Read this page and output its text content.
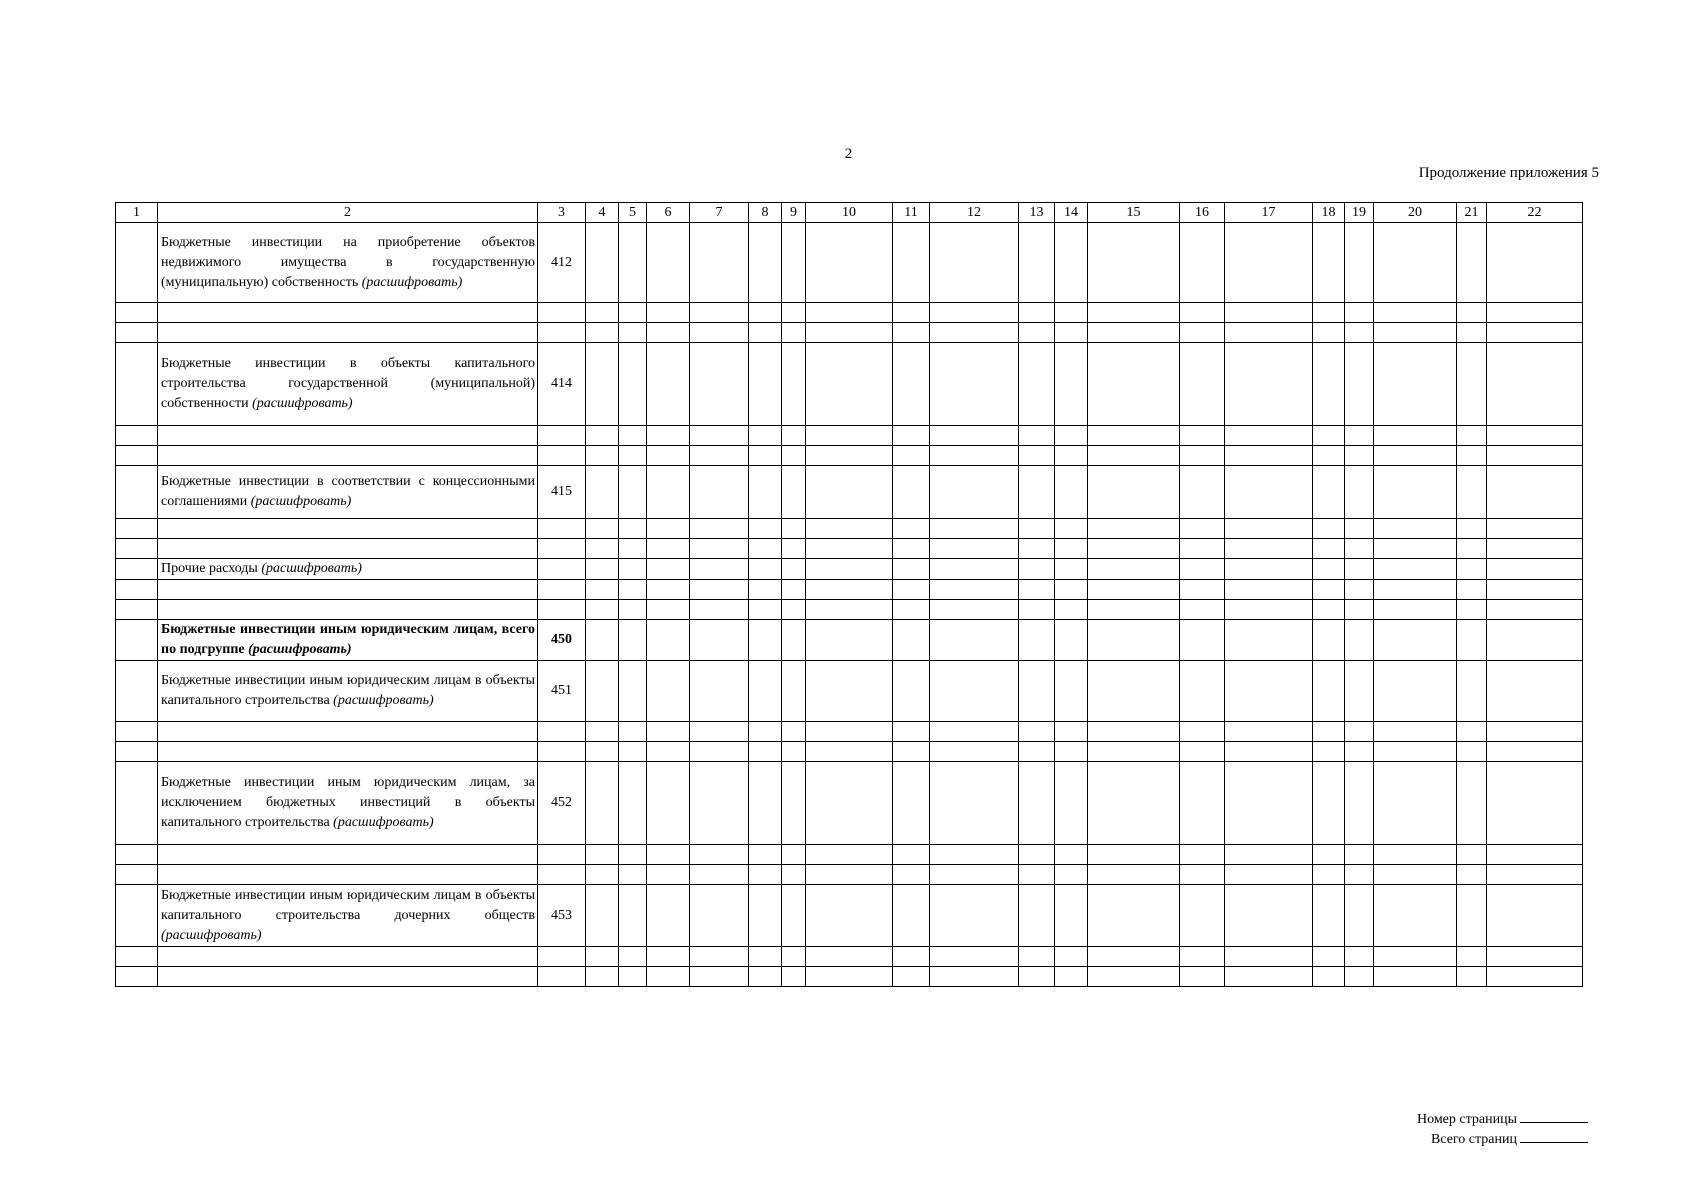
2
Продолжение приложения 5
1	2	3	4	5	6	7	8	9	10	11	12	13	14	15	16	17	18	19	20	21	22
	Бюджетные инвестиции на приобретение объектов недвижимого имущества в государственную (муниципальную) собственность (расшифровать)	412																			

	Бюджетные инвестиции в объекты капитального строительства государственной (муниципальной) собственности (расшифровать)	414																			

	Бюджетные инвестиции в соответствии с концессионными соглашениями (расшифровать)	415																			

	Прочие расходы (расшифровать)																				

	Бюджетные инвестиции иным юридическим лицам, всего по подгруппе (расшифровать)	450																			
	Бюджетные инвестиции иным юридическим лицам в объекты капитального строительства (расшифровать)	451																			

	Бюджетные инвестиции иным юридическим лицам, за исключением бюджетных инвестиций в объекты капитального строительства (расшифровать)	452																			

	Бюджетные инвестиции иным юридическим лицам в объекты капитального строительства дочерних обществ (расшифровать)	453																			

Номер страницы
Всего страниц
